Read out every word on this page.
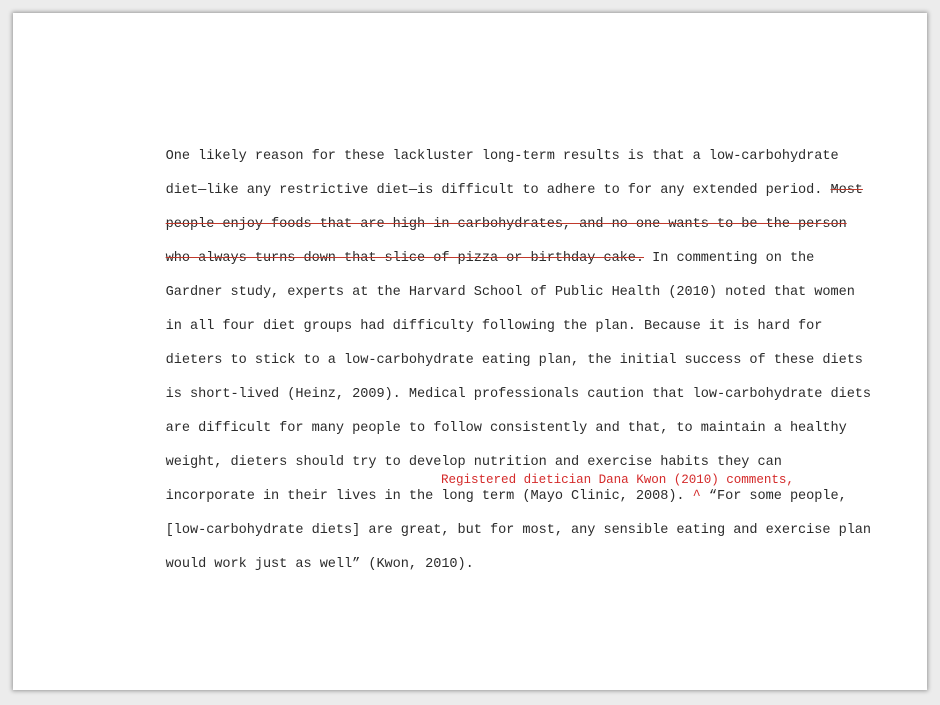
One likely reason for these lackluster long-term results is that a low-carbohydrate

diet—like any restrictive diet—is difficult to adhere to for any extended period. Most

people enjoy foods that are high in carbohydrates, and no one wants to be the person

who always turns down that slice of pizza or birthday cake. In commenting on the

Gardner study, experts at the Harvard School of Public Health (2010) noted that women

in all four diet groups had difficulty following the plan. Because it is hard for

dieters to stick to a low-carbohydrate eating plan, the initial success of these diets

is short-lived (Heinz, 2009). Medical professionals caution that low-carbohydrate diets

are difficult for many people to follow consistently and that, to maintain a healthy

weight, dieters should try to develop nutrition and exercise habits they can

incorporate in their lives in the long term (Mayo Clinic, 2008). ^ “For some people,

Registered dietician Dana Kwon (2010) comments,

[low-carbohydrate diets] are great, but for most, any sensible eating and exercise plan

would work just as well” (Kwon, 2010).
